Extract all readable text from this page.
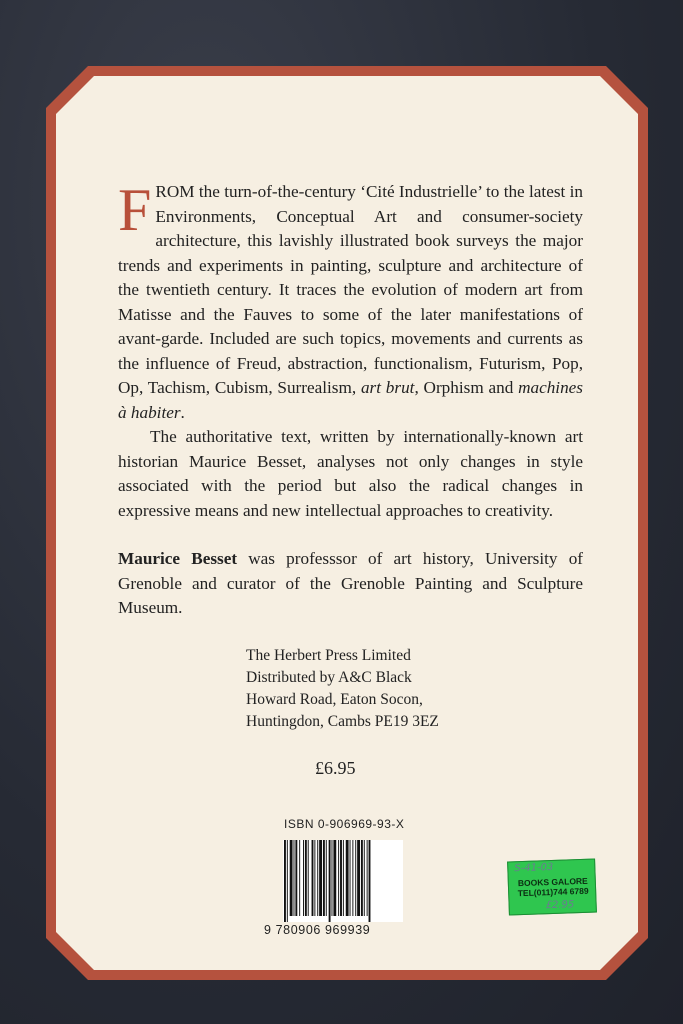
FROM the turn-of-the-century ‘Cité Industrielle’ to the latest in Environments, Conceptual Art and consumer-society architecture, this lavishly illustrated book surveys the major trends and experiments in painting, sculpture and architecture of the twentieth century. It traces the evolution of modern art from Matisse and the Fauves to some of the later manifestations of avant-garde. Included are such topics, movements and currents as the influence of Freud, abstraction, functionalism, Futurism, Pop, Op, Tachism, Cubism, Surrealism, art brut, Orphism and machines à habiter.

The authoritative text, written by internationally-known art historian Maurice Besset, analyses not only changes in style associated with the period but also the radical changes in expressive means and new intellectual approaches to creativity.

Maurice Besset was professsor of art history, University of Grenoble and curator of the Grenoble Painting and Sculpture Museum.

The Herbert Press Limited
Distributed by A&C Black
Howard Road, Eaton Socon,
Huntingdon, Cambs PE19 3EZ
£6.95
ISBN 0-906969-93-X
9 780906 969939
S-41-03
BOOKS GALORE
TEL(011)744 6789
£2.95
